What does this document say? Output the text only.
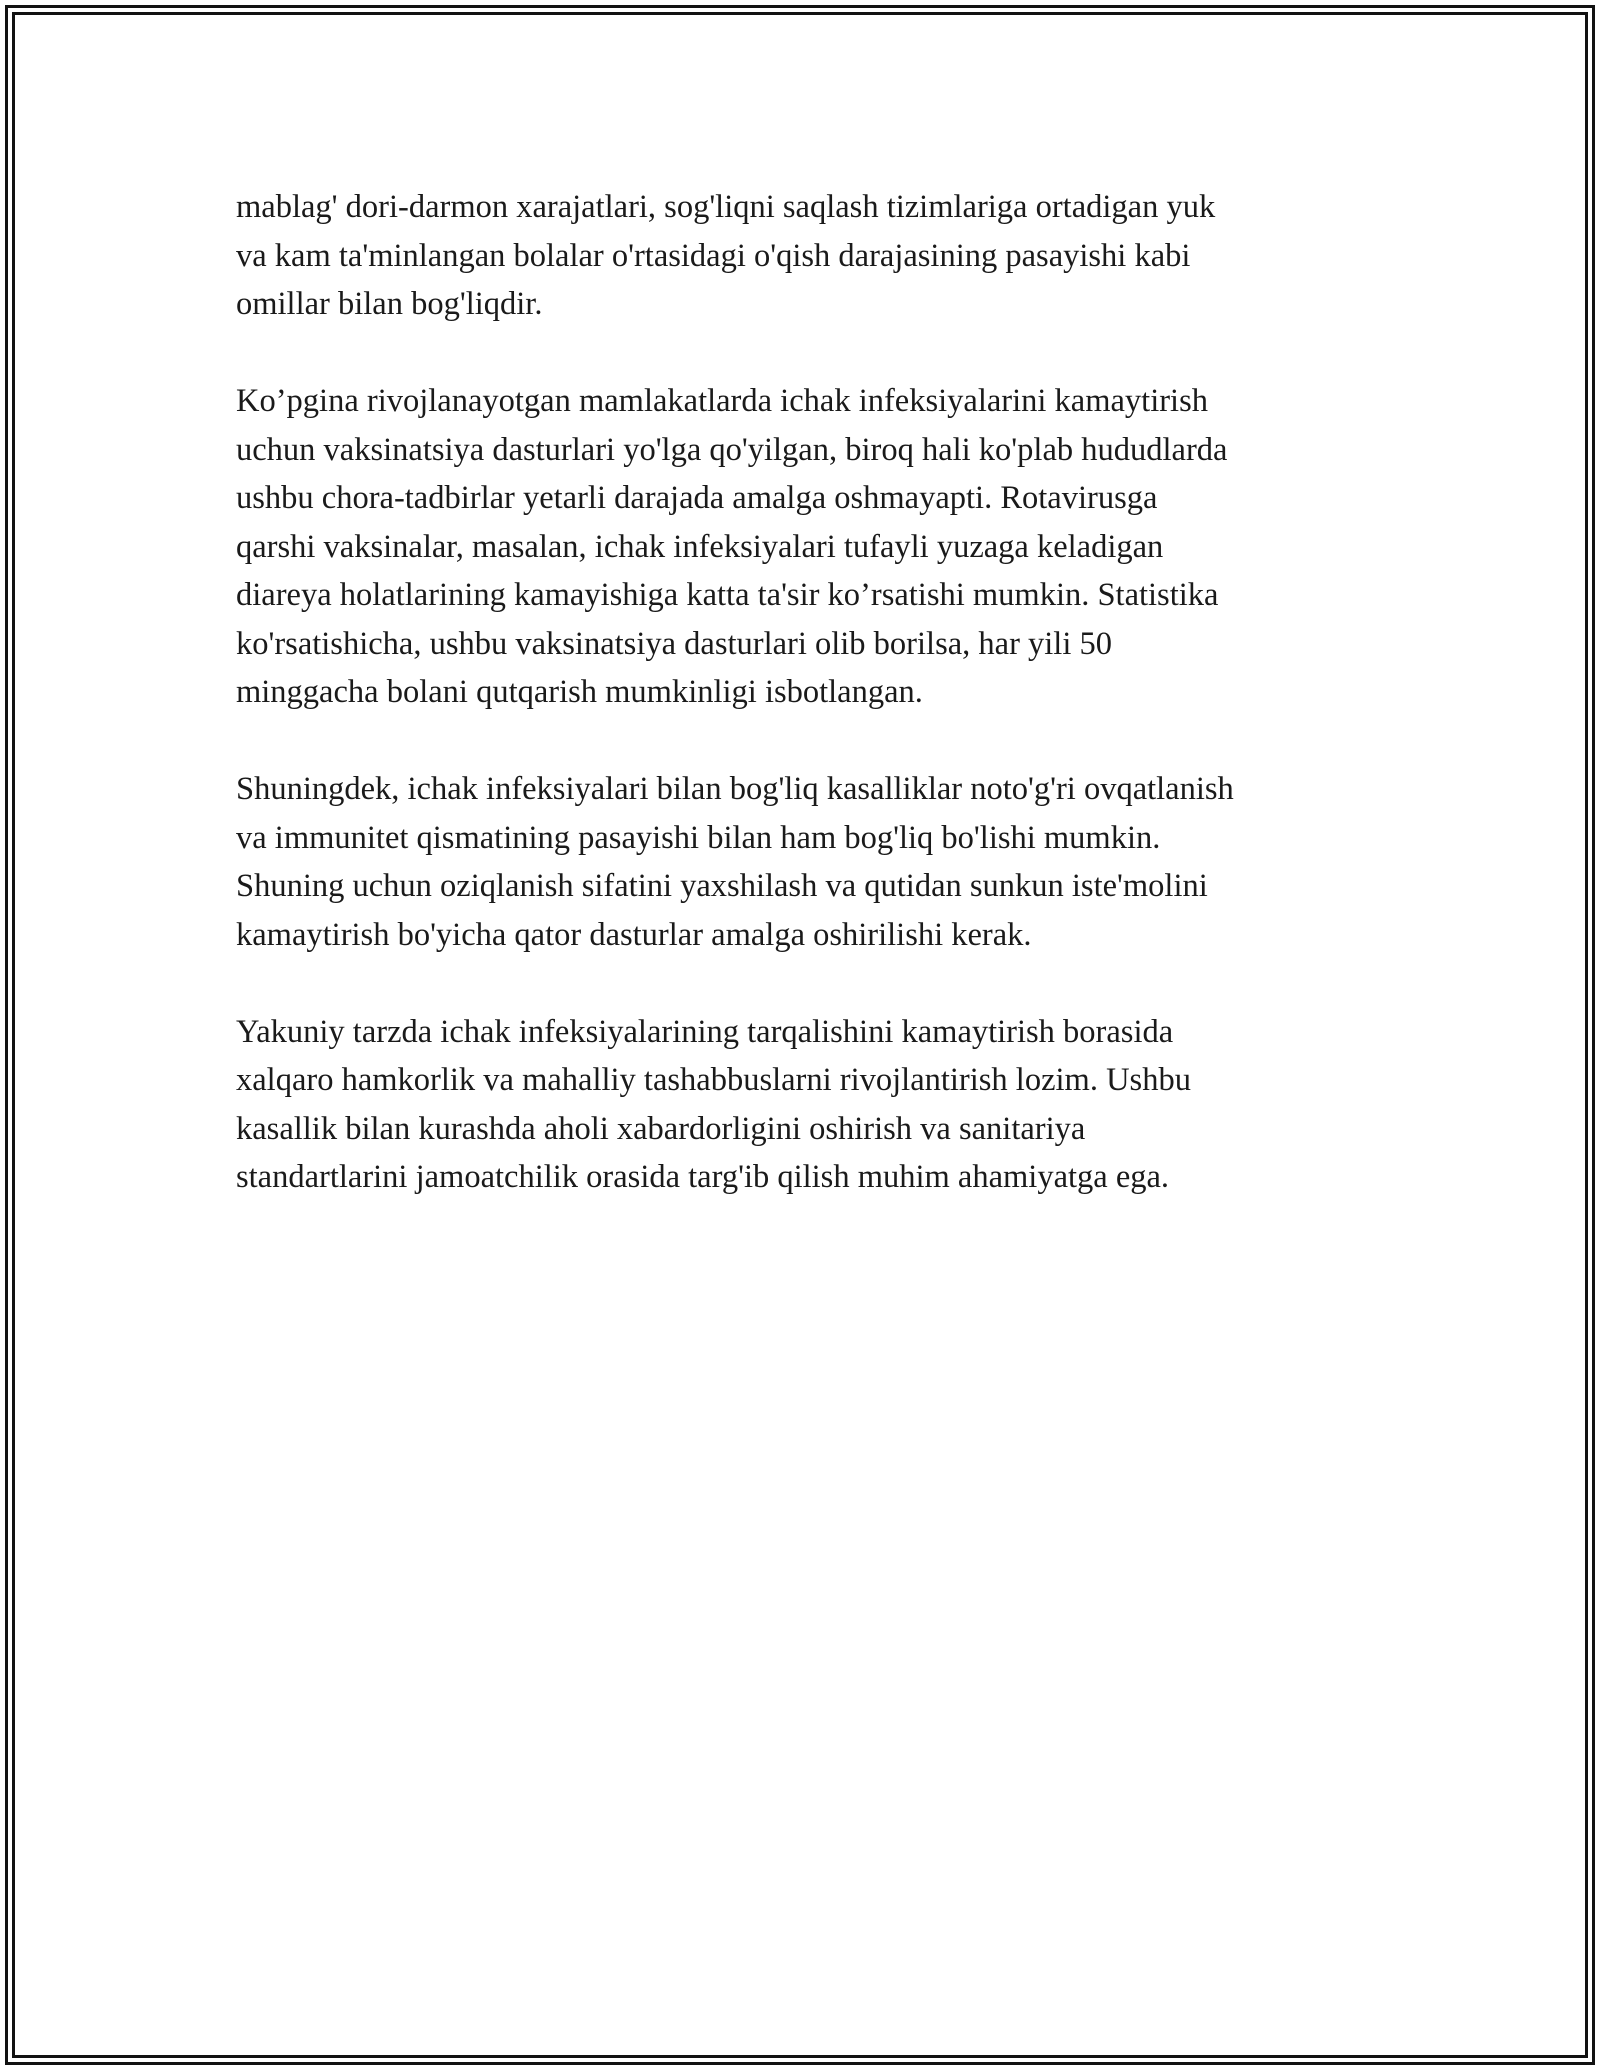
mablag' dori-darmon xarajatlari, sog'liqni saqlash tizimlariga ortadigan yuk
va kam ta'minlangan bolalar o'rtasidagi o'qish darajasining pasayishi kabi
omillar bilan bog'liqdir.

Ko’pgina rivojlanayotgan mamlakatlarda ichak infeksiyalarini kamaytirish
uchun vaksinatsiya dasturlari yo'lga qo'yilgan, biroq hali ko'plab hududlarda
ushbu chora-tadbirlar yetarli darajada amalga oshmayapti. Rotavirusga
qarshi vaksinalar, masalan, ichak infeksiyalari tufayli yuzaga keladigan
diareya holatlarining kamayishiga katta ta'sir ko’rsatishi mumkin. Statistika
ko'rsatishicha, ushbu vaksinatsiya dasturlari olib borilsa, har yili 50
minggacha bolani qutqarish mumkinligi isbotlangan.

Shuningdek, ichak infeksiyalari bilan bog'liq kasalliklar noto'g'ri ovqatlanish
va immunitet qismatining pasayishi bilan ham bog'liq bo'lishi mumkin.
Shuning uchun oziqlanish sifatini yaxshilash va qutidan sunkun iste'molini
kamaytirish bo'yicha qator dasturlar amalga oshirilishi kerak.

Yakuniy tarzda ichak infeksiyalarining tarqalishini kamaytirish borasida
xalqaro hamkorlik va mahalliy tashabbuslarni rivojlantirish lozim. Ushbu
kasallik bilan kurashda aholi xabardorligini oshirish va sanitariya
standartlarini jamoatchilik orasida targ'ib qilish muhim ahamiyatga ega.
